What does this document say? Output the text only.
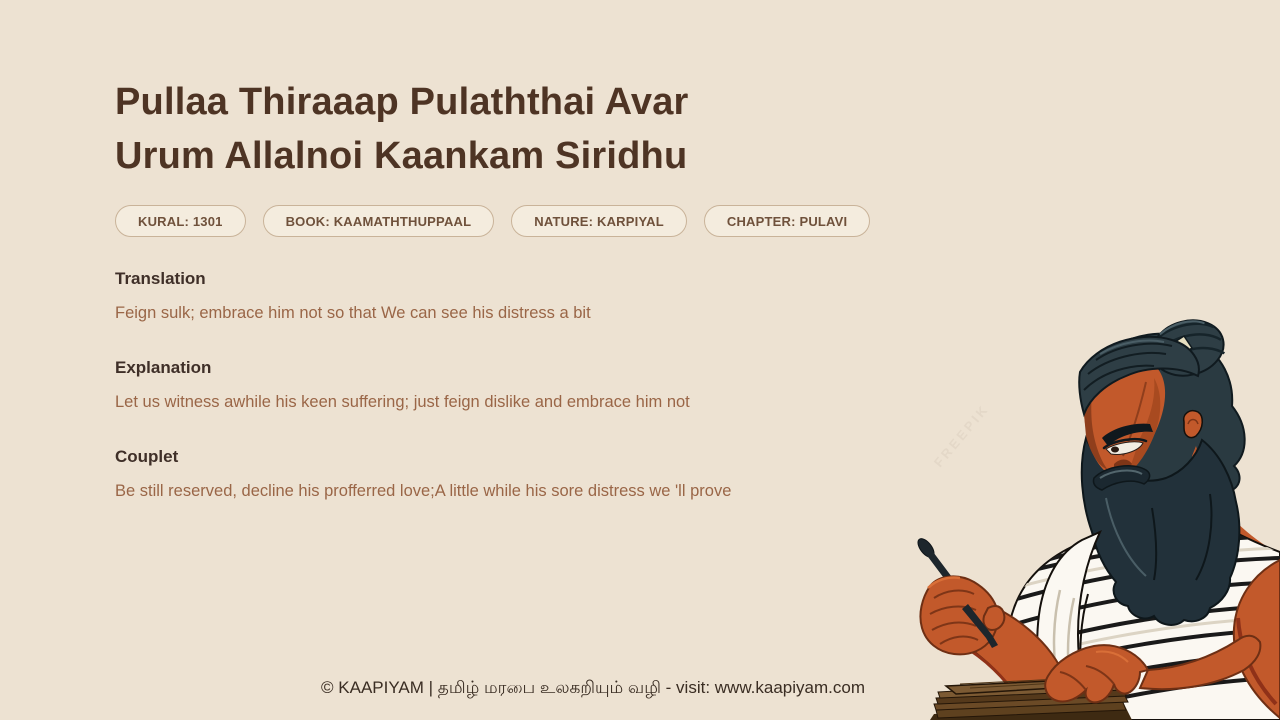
Pullaa Thiraaap Pulaththai Avar
Urum Allalnoi Kaankam Siridhu
KURAL: 1301	BOOK: KAAMATHTHUPPAAL	NATURE: KARPIYAL	CHAPTER: PULAVI
Translation

Feign sulk; embrace him not so that We can see his distress a bit

Explanation

Let us witness awhile his keen suffering; just feign dislike and embrace him not

Couplet

Be still reserved, decline his profferred love;A little while his sore distress we 'll prove

© KAAPIYAM | தமிழ் மரபை உலகறியும் வழி - visit: www.kaapiyam.com
FREEPIK
